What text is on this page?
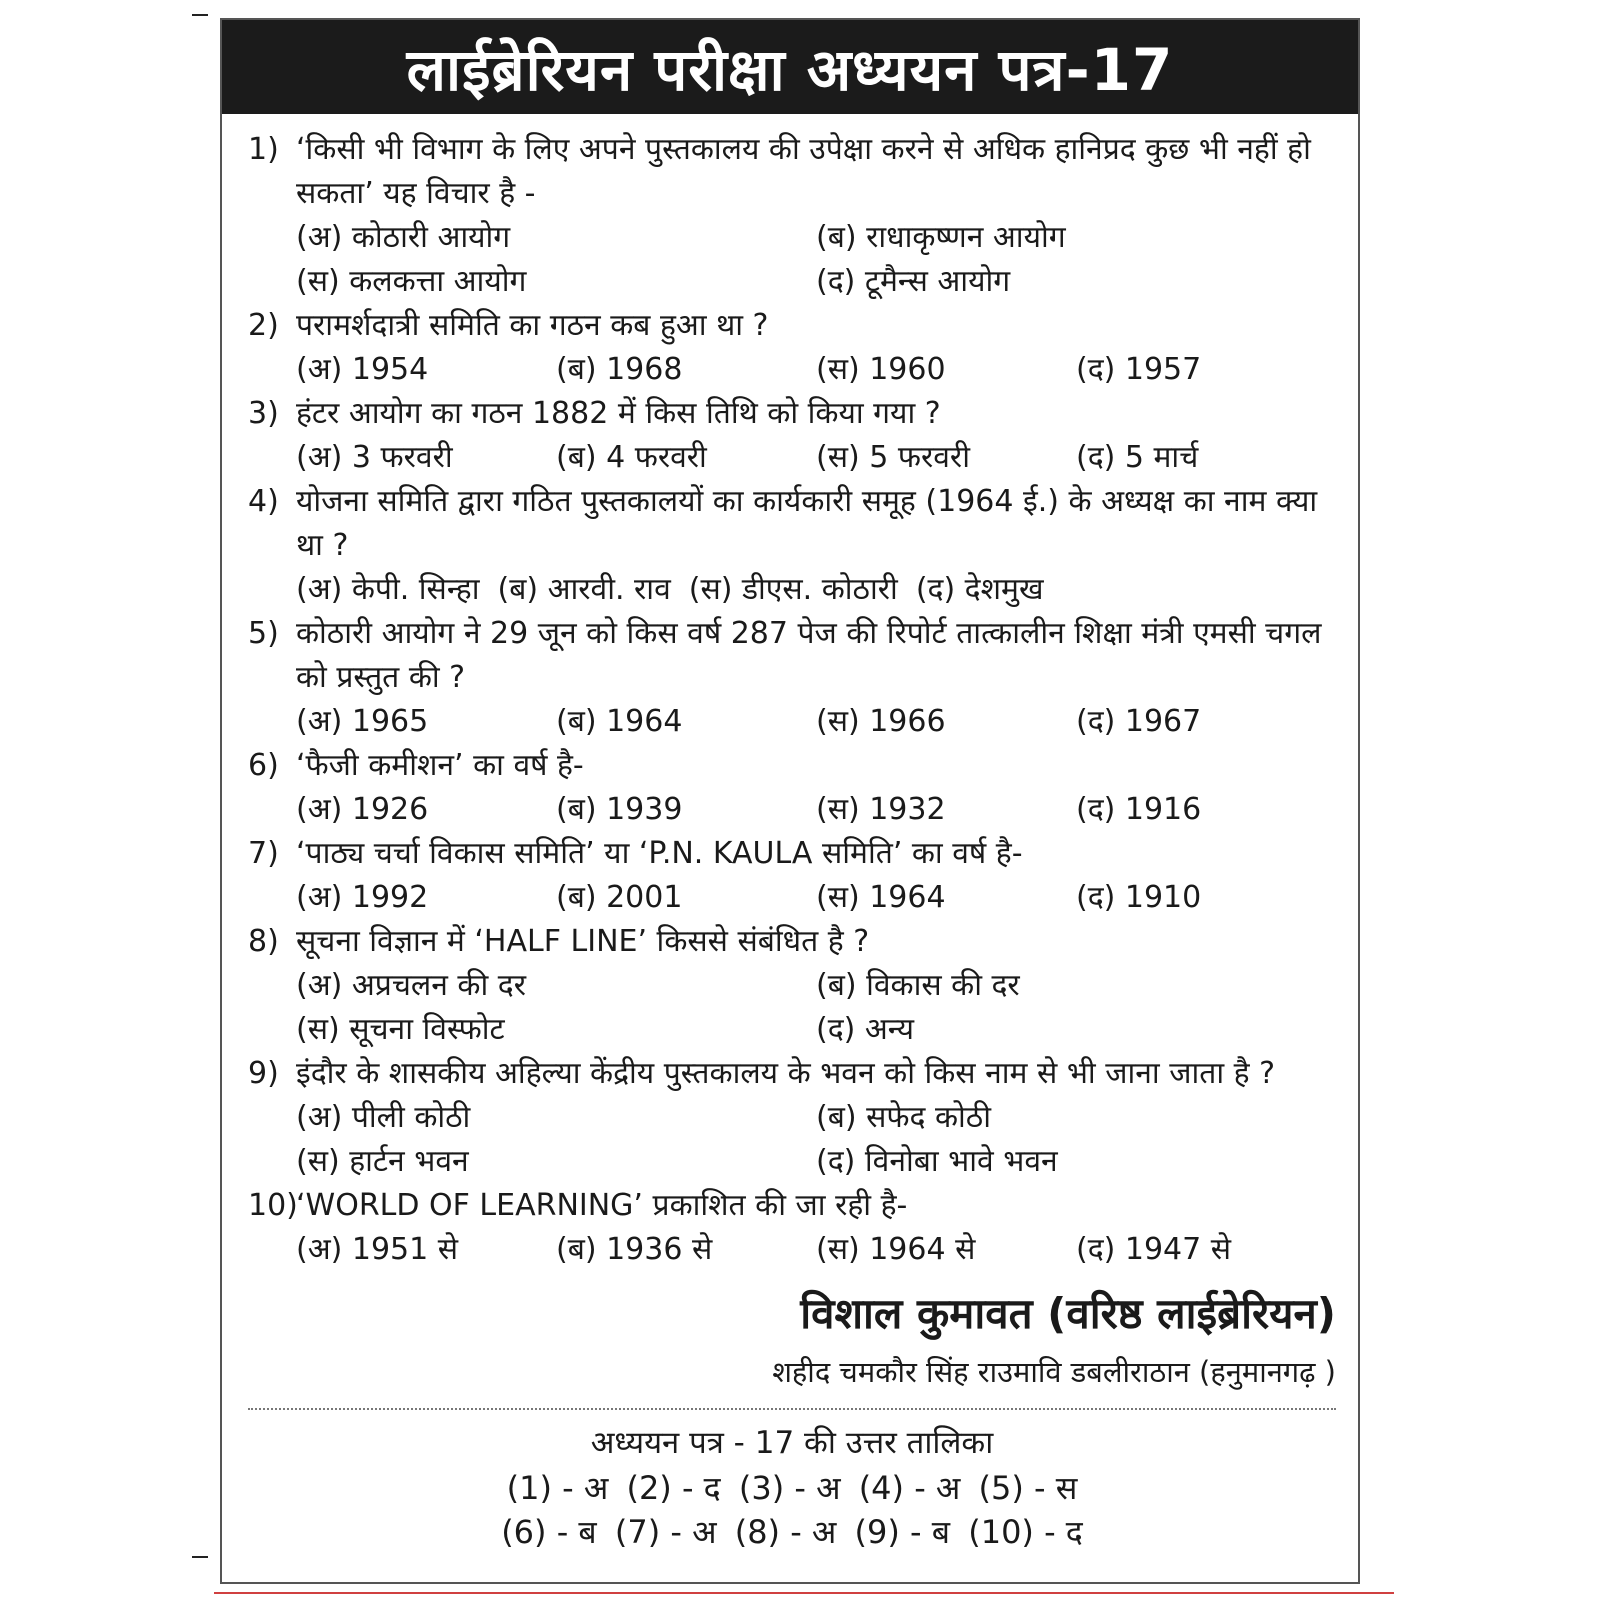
लाईब्रेरियन परीक्षा अध्ययन पत्र-17
1) ‘किसी भी विभाग के लिए अपने पुस्तकालय की उपेक्षा करने से अधिक हानिप्रद कुछ भी नहीं हो सकता’ यह विचार है -
(अ) कोठारी आयोग	(ब) राधाकृष्णन आयोग
(स) कलकत्ता आयोग	(द) टूमैन्स आयोग
2) परामर्शदात्री समिति का गठन कब हुआ था ?
(अ) 1954	(ब) 1968	(स) 1960	(द) 1957
3) हंटर आयोग का गठन 1882 में किस तिथि को किया गया ?
(अ) 3 फरवरी	(ब) 4 फरवरी	(स) 5 फरवरी	(द) 5 मार्च
4) योजना समिति द्वारा गठित पुस्तकालयों का कार्यकारी समूह (1964 ई.) के अध्यक्ष का नाम क्या था ?
(अ) केपी. सिन्हा (ब) आरवी. राव (स) डीएस. कोठारी (द) देशमुख
5) कोठारी आयोग ने 29 जून को किस वर्ष 287 पेज की रिपोर्ट तात्कालीन शिक्षा मंत्री एमसी चगल को प्रस्तुत की ?
(अ) 1965	(ब) 1964	(स) 1966	(द) 1967
6) ‘फैजी कमीशन’ का वर्ष है-
(अ) 1926	(ब) 1939	(स) 1932	(द) 1916
7) ‘पाठ्य चर्चा विकास समिति’ या ‘P.N. KAULA समिति’ का वर्ष है-
(अ) 1992	(ब) 2001	(स) 1964	(द) 1910
8) सूचना विज्ञान में ‘HALF LINE’ किससे संबंधित है ?
(अ) अप्रचलन की दर	(ब) विकास की दर
(स) सूचना विस्फोट	(द) अन्य
9) इंदौर के शासकीय अहिल्या केंद्रीय पुस्तकालय के भवन को किस नाम से भी जाना जाता है ?
(अ) पीली कोठी	(ब) सफेद कोठी
(स) हार्टन भवन	(द) विनोबा भावे भवन
10)
‘WORLD OF LEARNING’ प्रकाशित की जा रही है-
(अ) 1951 से	(ब) 1936 से	(स) 1964 से	(द) 1947 से
विशाल कुमावत (वरिष्ठ लाईब्रेरियन)
शहीद चमकौर सिंह राउमावि डबलीराठान (हनुमानगढ़ )
अध्ययन पत्र - 17 की उत्तर तालिका
(1) - अ (2) - द (3) - अ (4) - अ (5) - स
(6) - ब (7) - अ (8) - अ (9) - ब (10) - द
